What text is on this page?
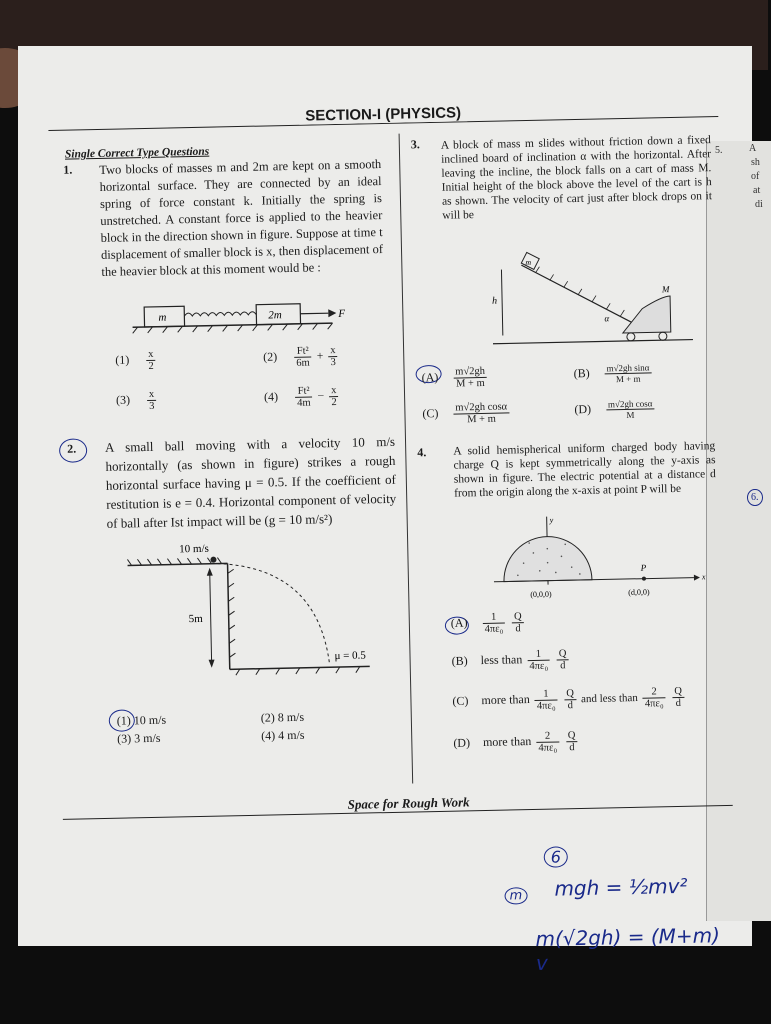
5.	A
sh
of
at
di
6.
SECTION-I (PHYSICS)
Single Correct Type Questions
1. Two blocks of masses m and 2m are kept on a smooth horizontal surface. They are connected by an ideal spring of force constant k. Initially the spring is unstretched. A constant force is applied to the heavier block in the direction shown in figure. Suppose at time t displacement of smaller block is x, then displacement of the heavier block at this moment would be :
m	2m	F
$(1) \frac{x}{2}$	$(2) \frac{\text{Ft²}}{6m} + \frac{x}{3}$
$(3) \frac{x}{3}$	$(4) \frac{\text{Ft²}}{4m} - \frac{x}{2}$
2. A small ball moving with a velocity 10 m/s horizontally (as shown in figure) strikes a rough horizontal surface having μ = 0.5. If the coefficient of restitution is e = 0.4. Horizontal component of velocity of ball after Ist impact will be (g = 10 m/s²)
10 m/s
5m
μ = 0.5
(1) 10 m/s	(2) 8 m/s
(3) 3 m/s	(4) 4 m/s
3. A block of mass m slides without friction down a fixed inclined board of inclination α with the horizontal. After leaving the incline, the block falls on a cart of mass M. Initial height of the block above the level of the cart is h as shown. The velocity of cart just after block drops on it will be
m
h
α
M
$(A) \frac{m√2gh}{M + m}$	$(B) \frac{\text{m√2gh sinα}}{M + m}$
$(C) \frac{\text{m√2gh cosα}}{M + m}$	$(D) \frac{\text{m√2gh cosα}}{M}$
4. A solid hemispherical uniform charged body having charge Q is kept symmetrically along the y-axis as shown in figure. The electric potential at a distance d from the origin along the x-axis at point P will be
y
x
P
(0,0,0)	(d,0,0)
$(A) \frac{1}{\text{4πε₀}}$
$\frac{Q}{d}$
(B) less than $\frac{1}{\text{4πε₀}}$
$\frac{Q}{d}$
(C) more than $\frac{1}{\text{4πε₀}}$
$\frac{Q}{d}$ and less than $\frac{2}{\text{4πε₀}}$
$\frac{Q}{d}$
(D) more than $\frac{2}{\text{4πε₀}}$
$\frac{Q}{d}$
Space for Rough Work
6
m mgh = ½mv²
m(√2gh) = (M+m) v
